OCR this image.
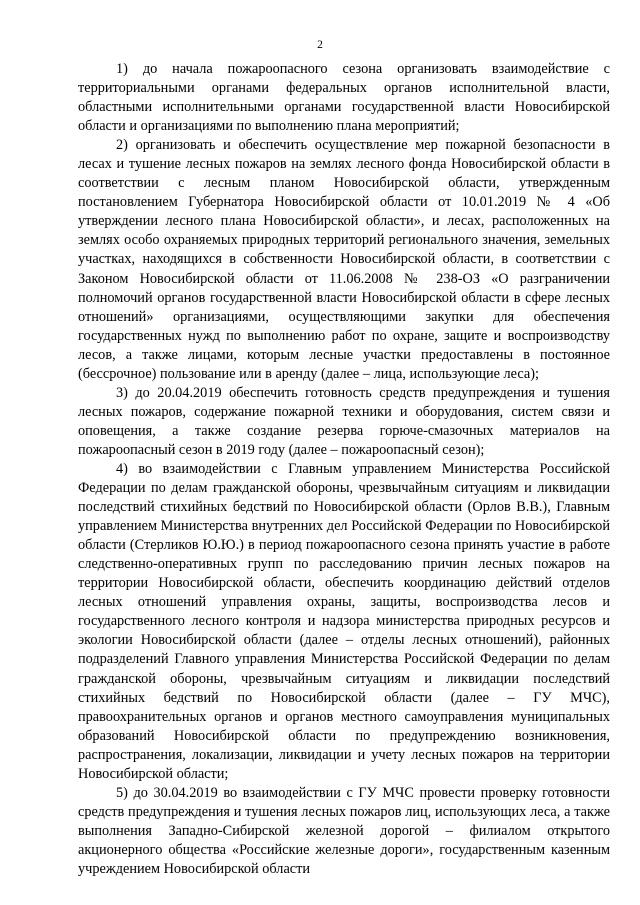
2

1) до начала пожароопасного сезона организовать взаимодействие с территориальными органами федеральных органов исполнительной власти, областными исполнительными органами государственной власти Новосибирской области и организациями по выполнению плана мероприятий;

2) организовать и обеспечить осуществление мер пожарной безопасности в лесах и тушение лесных пожаров на землях лесного фонда Новосибирской области в соответствии с лесным планом Новосибирской области, утвержденным постановлением Губернатора Новосибирской области от 10.01.2019 № 4 «Об утверждении лесного плана Новосибирской области», и лесах, расположенных на землях особо охраняемых природных территорий регионального значения, земельных участках, находящихся в собственности Новосибирской области, в соответствии с Законом Новосибирской области от 11.06.2008 № 238-ОЗ «О разграничении полномочий органов государственной власти Новосибирской области в сфере лесных отношений» организациями, осуществляющими закупки для обеспечения государственных нужд по выполнению работ по охране, защите и воспроизводству лесов, а также лицами, которым лесные участки предоставлены в постоянное (бессрочное) пользование или в аренду (далее – лица, использующие леса);

3) до 20.04.2019 обеспечить готовность средств предупреждения и тушения лесных пожаров, содержание пожарной техники и оборудования, систем связи и оповещения, а также создание резерва горюче-смазочных материалов на пожароопасный сезон в 2019 году (далее – пожароопасный сезон);

4) во взаимодействии с Главным управлением Министерства Российской Федерации по делам гражданской обороны, чрезвычайным ситуациям и ликвидации последствий стихийных бедствий по Новосибирской области (Орлов В.В.), Главным управлением Министерства внутренних дел Российской Федерации по Новосибирской области (Стерликов Ю.Ю.) в период пожароопасного сезона принять участие в работе следственно-оперативных групп по расследованию причин лесных пожаров на территории Новосибирской области, обеспечить координацию действий отделов лесных отношений управления охраны, защиты, воспроизводства лесов и государственного лесного контроля и надзора министерства природных ресурсов и экологии Новосибирской области (далее – отделы лесных отношений), районных подразделений Главного управления Министерства Российской Федерации по делам гражданской обороны, чрезвычайным ситуациям и ликвидации последствий стихийных бедствий по Новосибирской области (далее – ГУ МЧС), правоохранительных органов и органов местного самоуправления муниципальных образований Новосибирской области по предупреждению возникновения, распространения, локализации, ликвидации и учету лесных пожаров на территории Новосибирской области;

5) до 30.04.2019 во взаимодействии с ГУ МЧС провести проверку готовности средств предупреждения и тушения лесных пожаров лиц, использующих леса, а также выполнения Западно-Сибирской железной дорогой – филиалом открытого акционерного общества «Российские железные дороги», государственным казенным учреждением Новосибирской области
